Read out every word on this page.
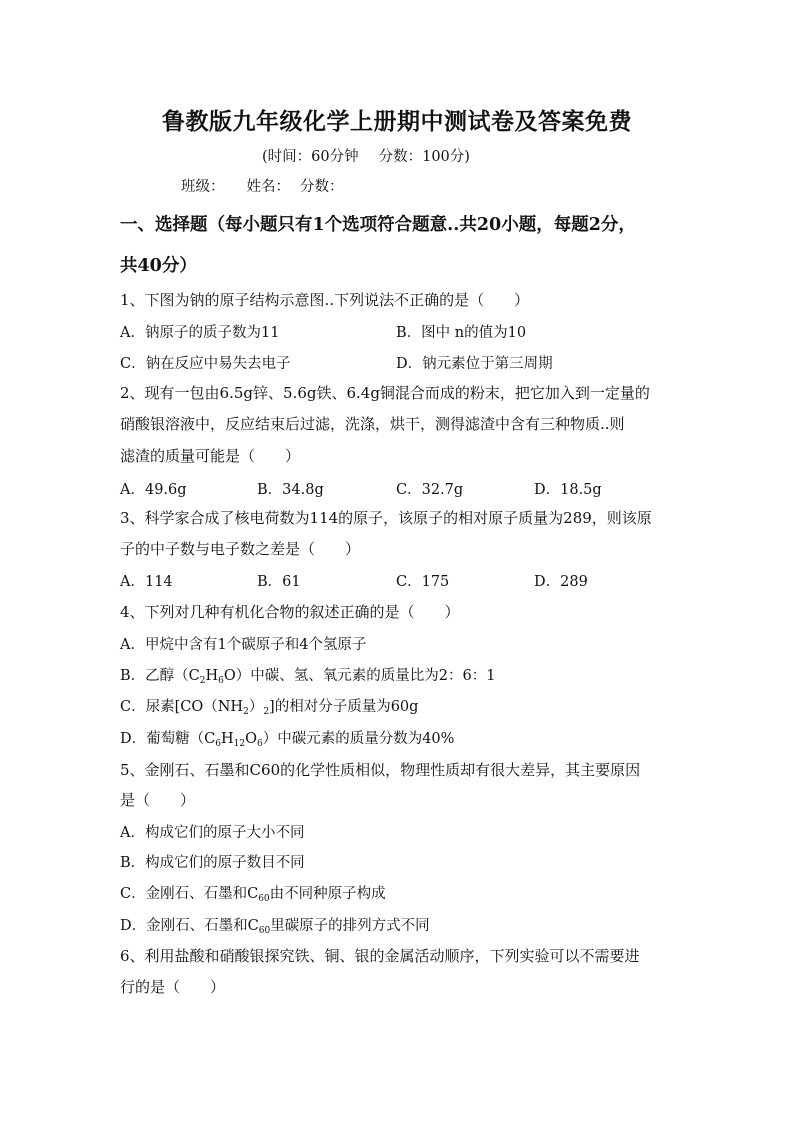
鲁教版九年级化学上册期中测试卷及答案免费
(时间：60分钟 分数：100分)
班级： 姓名： 分数：
一、选择题（每小题只有1个选项符合题意..共20小题，每题2分，
共40分）
1、下图为钠的原子结构示意图..下列说法不正确的是（　　）
A．钠原子的质子数为11	B．图中 n的值为10
C．钠在反应中易失去电子	D．钠元素位于第三周期
2、现有一包由6.5g锌、5.6g铁、6.4g铜混合而成的粉末，把它加入到一定量的
硝酸银溶液中，反应结束后过滤，洗涤，烘干，测得滤渣中含有三种物质..则
滤渣的质量可能是（　　）
A．49.6g	B．34.8g	C．32.7g	D．18.5g
3、科学家合成了核电荷数为114的原子，该原子的相对原子质量为289，则该原
子的中子数与电子数之差是（　　）
A．114	B．61	C．175	D．289
4、下列对几种有机化合物的叙述正确的是（　　）
A．甲烷中含有1个碳原子和4个氢原子
B．乙醇$(C_2H_6O)$中碳、氢、氧元素的质量比为2：6：1
C．尿素$[CO(NH_2)_2]$的相对分子质量为60g
D．葡萄糖$(C_6H_{12}O_6)$中碳元素的质量分数为40%
5、金刚石、石墨和C60的化学性质相似，物理性质却有很大差异，其主要原因
是（　　）
A．构成它们的原子大小不同
B．构成它们的原子数目不同
C．金刚石、石墨和$C_{60}$由不同种原子构成
D．金刚石、石墨和$C_{60}$里碳原子的排列方式不同
6、利用盐酸和硝酸银探究铁、铜、银的金属活动顺序，下列实验可以不需要进
行的是（　　）
